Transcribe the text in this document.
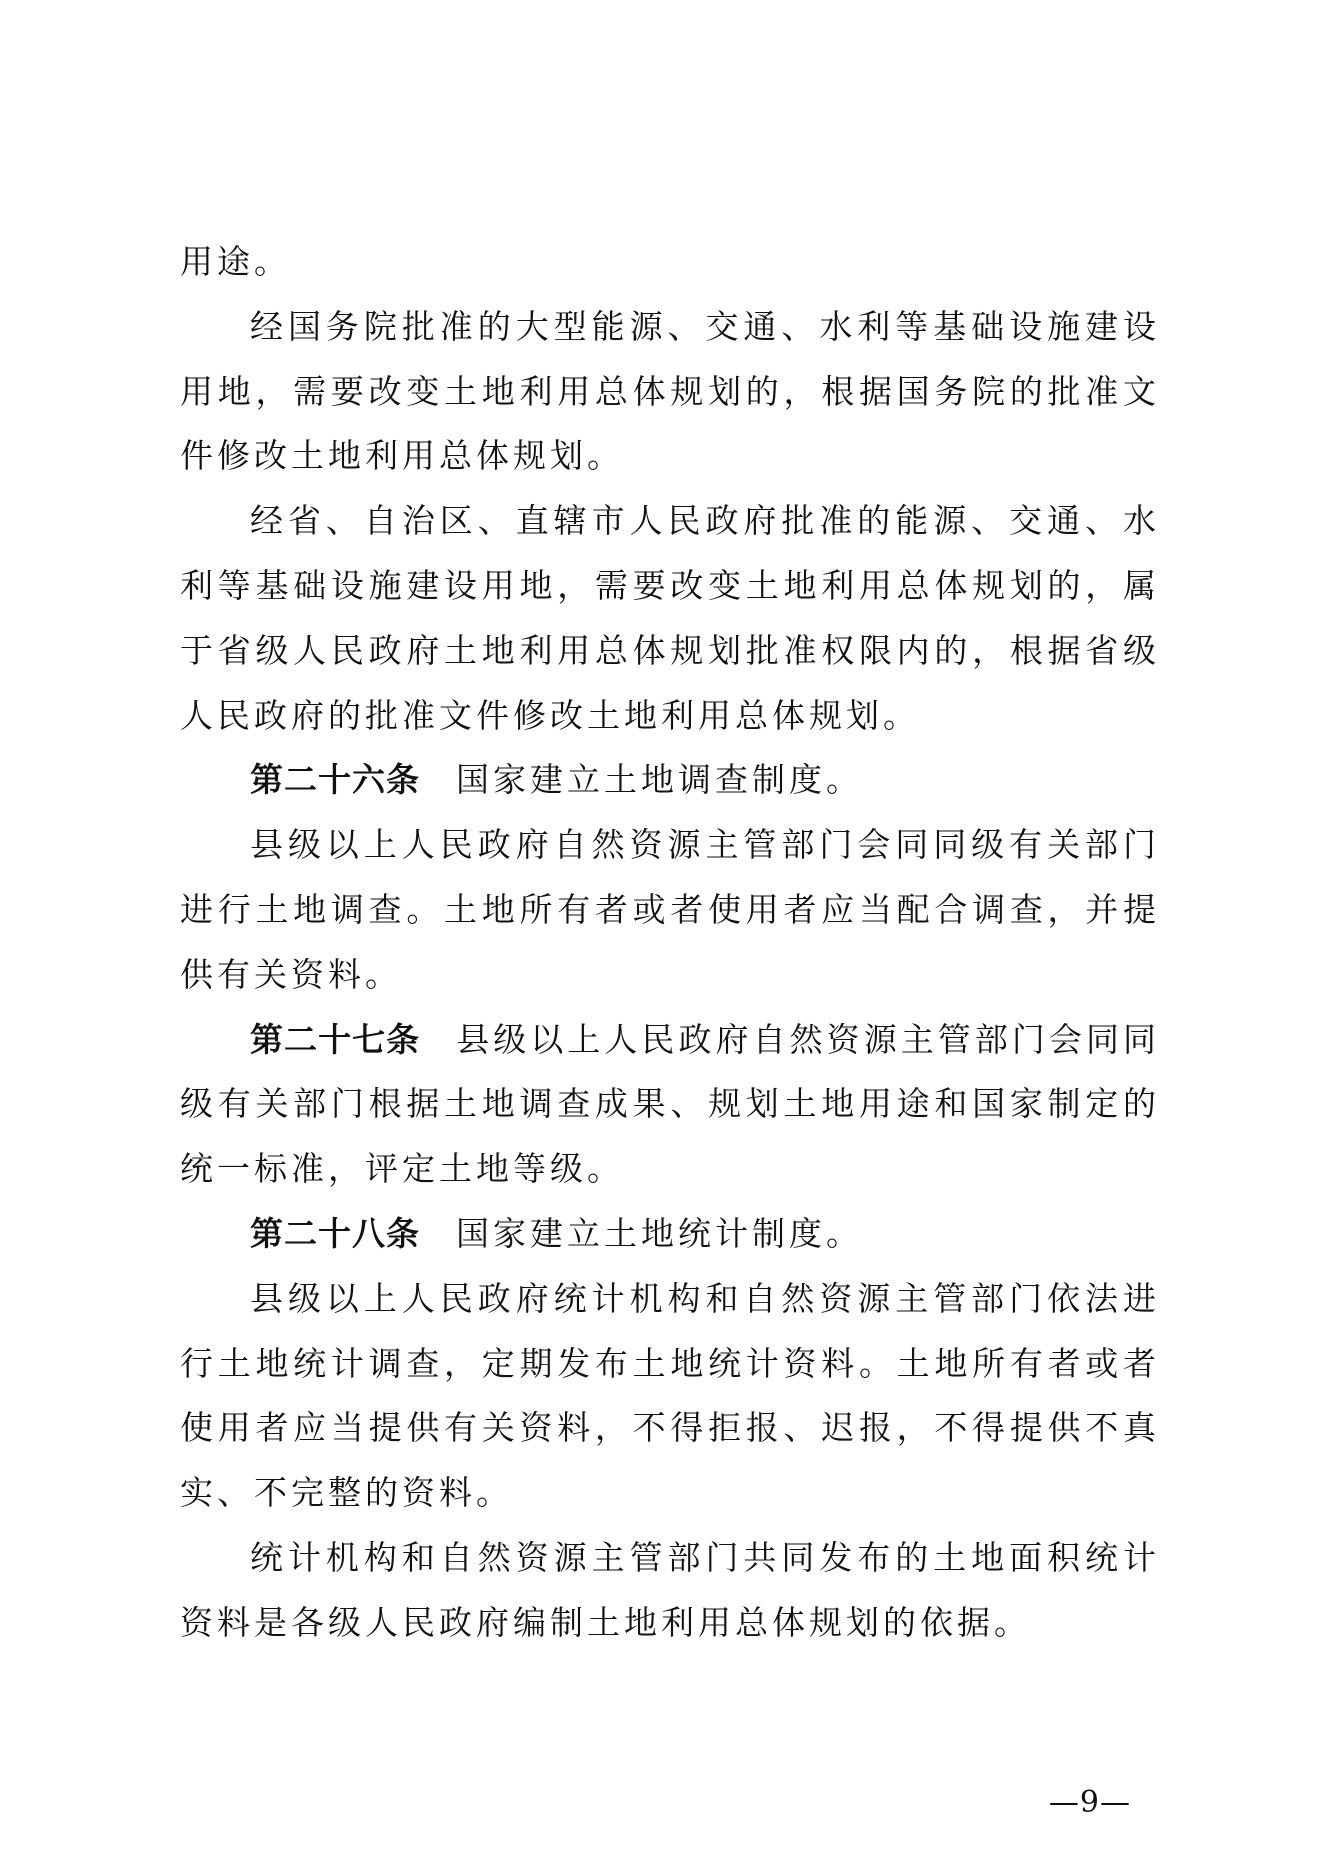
用途。

经国务院批准的大型能源、交通、水利等基础设施建设用地，需要改变土地利用总体规划的，根据国务院的批准文件修改土地利用总体规划。

经省、自治区、直辖市人民政府批准的能源、交通、水利等基础设施建设用地，需要改变土地利用总体规划的，属于省级人民政府土地利用总体规划批准权限内的，根据省级人民政府的批准文件修改土地利用总体规划。

第二十六条 国家建立土地调查制度。

县级以上人民政府自然资源主管部门会同同级有关部门进行土地调查。土地所有者或者使用者应当配合调查，并提供有关资料。

第二十七条 县级以上人民政府自然资源主管部门会同同级有关部门根据土地调查成果、规划土地用途和国家制定的统一标准，评定土地等级。

第二十八条 国家建立土地统计制度。

县级以上人民政府统计机构和自然资源主管部门依法进行土地统计调查，定期发布土地统计资料。土地所有者或者使用者应当提供有关资料，不得拒报、迟报，不得提供不真实、不完整的资料。

统计机构和自然资源主管部门共同发布的土地面积统计资料是各级人民政府编制土地利用总体规划的依据。

—9—
